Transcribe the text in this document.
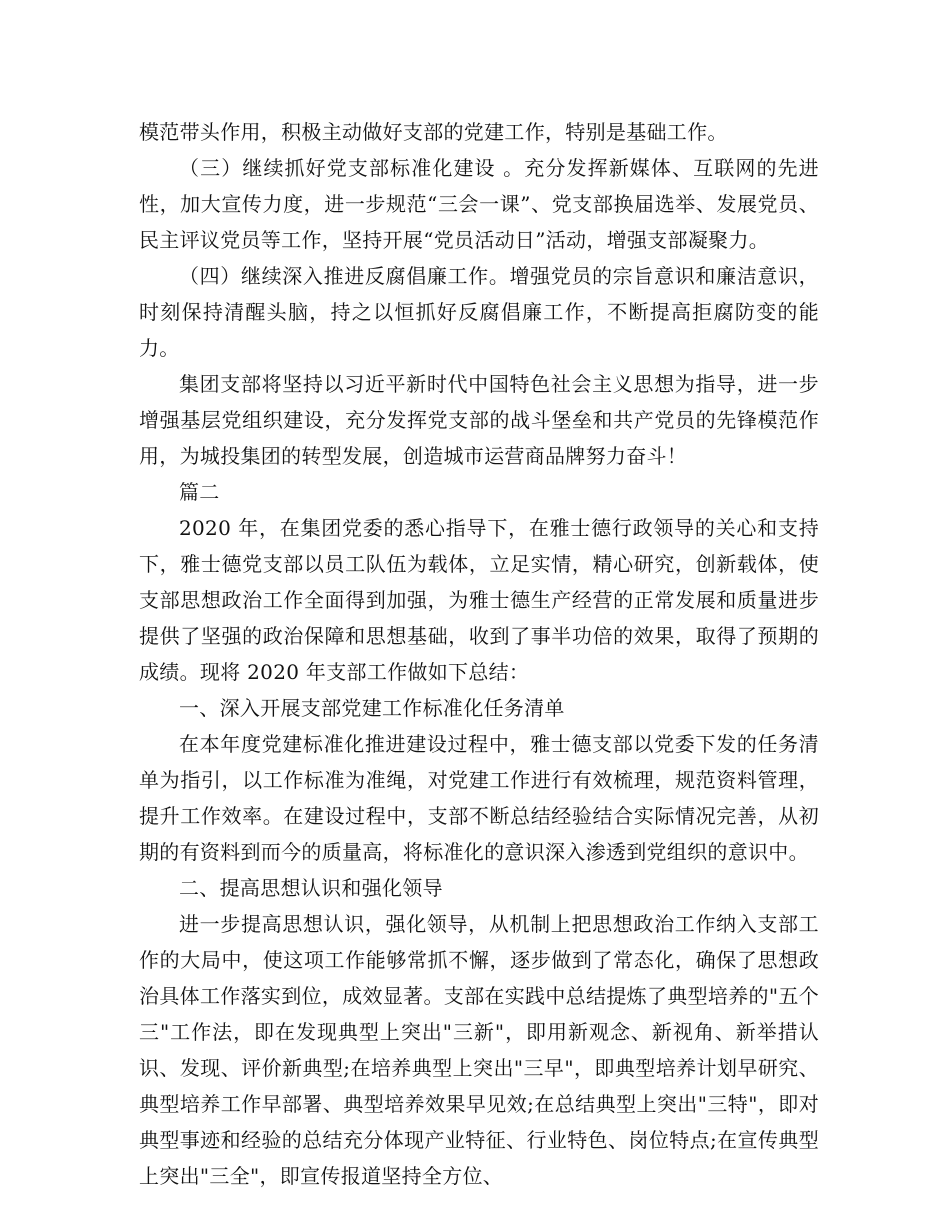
模范带头作用，积极主动做好支部的党建工作，特别是基础工作。

（三）继续抓好党支部标准化建设 。充分发挥新媒体、互联网的先进性，加大宣传力度，进一步规范“三会一课”、党支部换届选举、发展党员、民主评议党员等工作，坚持开展“党员活动日”活动，增强支部凝聚力。

（四）继续深入推进反腐倡廉工作。增强党员的宗旨意识和廉洁意识，时刻保持清醒头脑，持之以恒抓好反腐倡廉工作，不断提高拒腐防变的能力。

集团支部将坚持以习近平新时代中国特色社会主义思想为指导，进一步增强基层党组织建设，充分发挥党支部的战斗堡垒和共产党员的先锋模范作用，为城投集团的转型发展，创造城市运营商品牌努力奋斗！

篇二

2020 年，在集团党委的悉心指导下，在雅士德行政领导的关心和支持下，雅士德党支部以员工队伍为载体，立足实情，精心研究，创新载体，使支部思想政治工作全面得到加强，为雅士德生产经营的正常发展和质量进步提供了坚强的政治保障和思想基础，收到了事半功倍的效果，取得了预期的成绩。现将 2020 年支部工作做如下总结：

一、深入开展支部党建工作标准化任务清单

在本年度党建标准化推进建设过程中，雅士德支部以党委下发的任务清单为指引，以工作标准为准绳，对党建工作进行有效梳理，规范资料管理，提升工作效率。在建设过程中，支部不断总结经验结合实际情况完善，从初期的有资料到而今的质量高，将标准化的意识深入渗透到党组织的意识中。

二、提高思想认识和强化领导

进一步提高思想认识，强化领导，从机制上把思想政治工作纳入支部工作的大局中，使这项工作能够常抓不懈，逐步做到了常态化，确保了思想政治具体工作落实到位，成效显著。支部在实践中总结提炼了典型培养的"五个三"工作法，即在发现典型上突出"三新"，即用新观念、新视角、新举措认识、发现、评价新典型;在培养典型上突出"三早"，即典型培养计划早研究、典型培养工作早部署、典型培养效果早见效;在总结典型上突出"三特"，即对典型事迹和经验的总结充分体现产业特征、行业特色、岗位特点;在宣传典型上突出"三全"，即宣传报道坚持全方位、
